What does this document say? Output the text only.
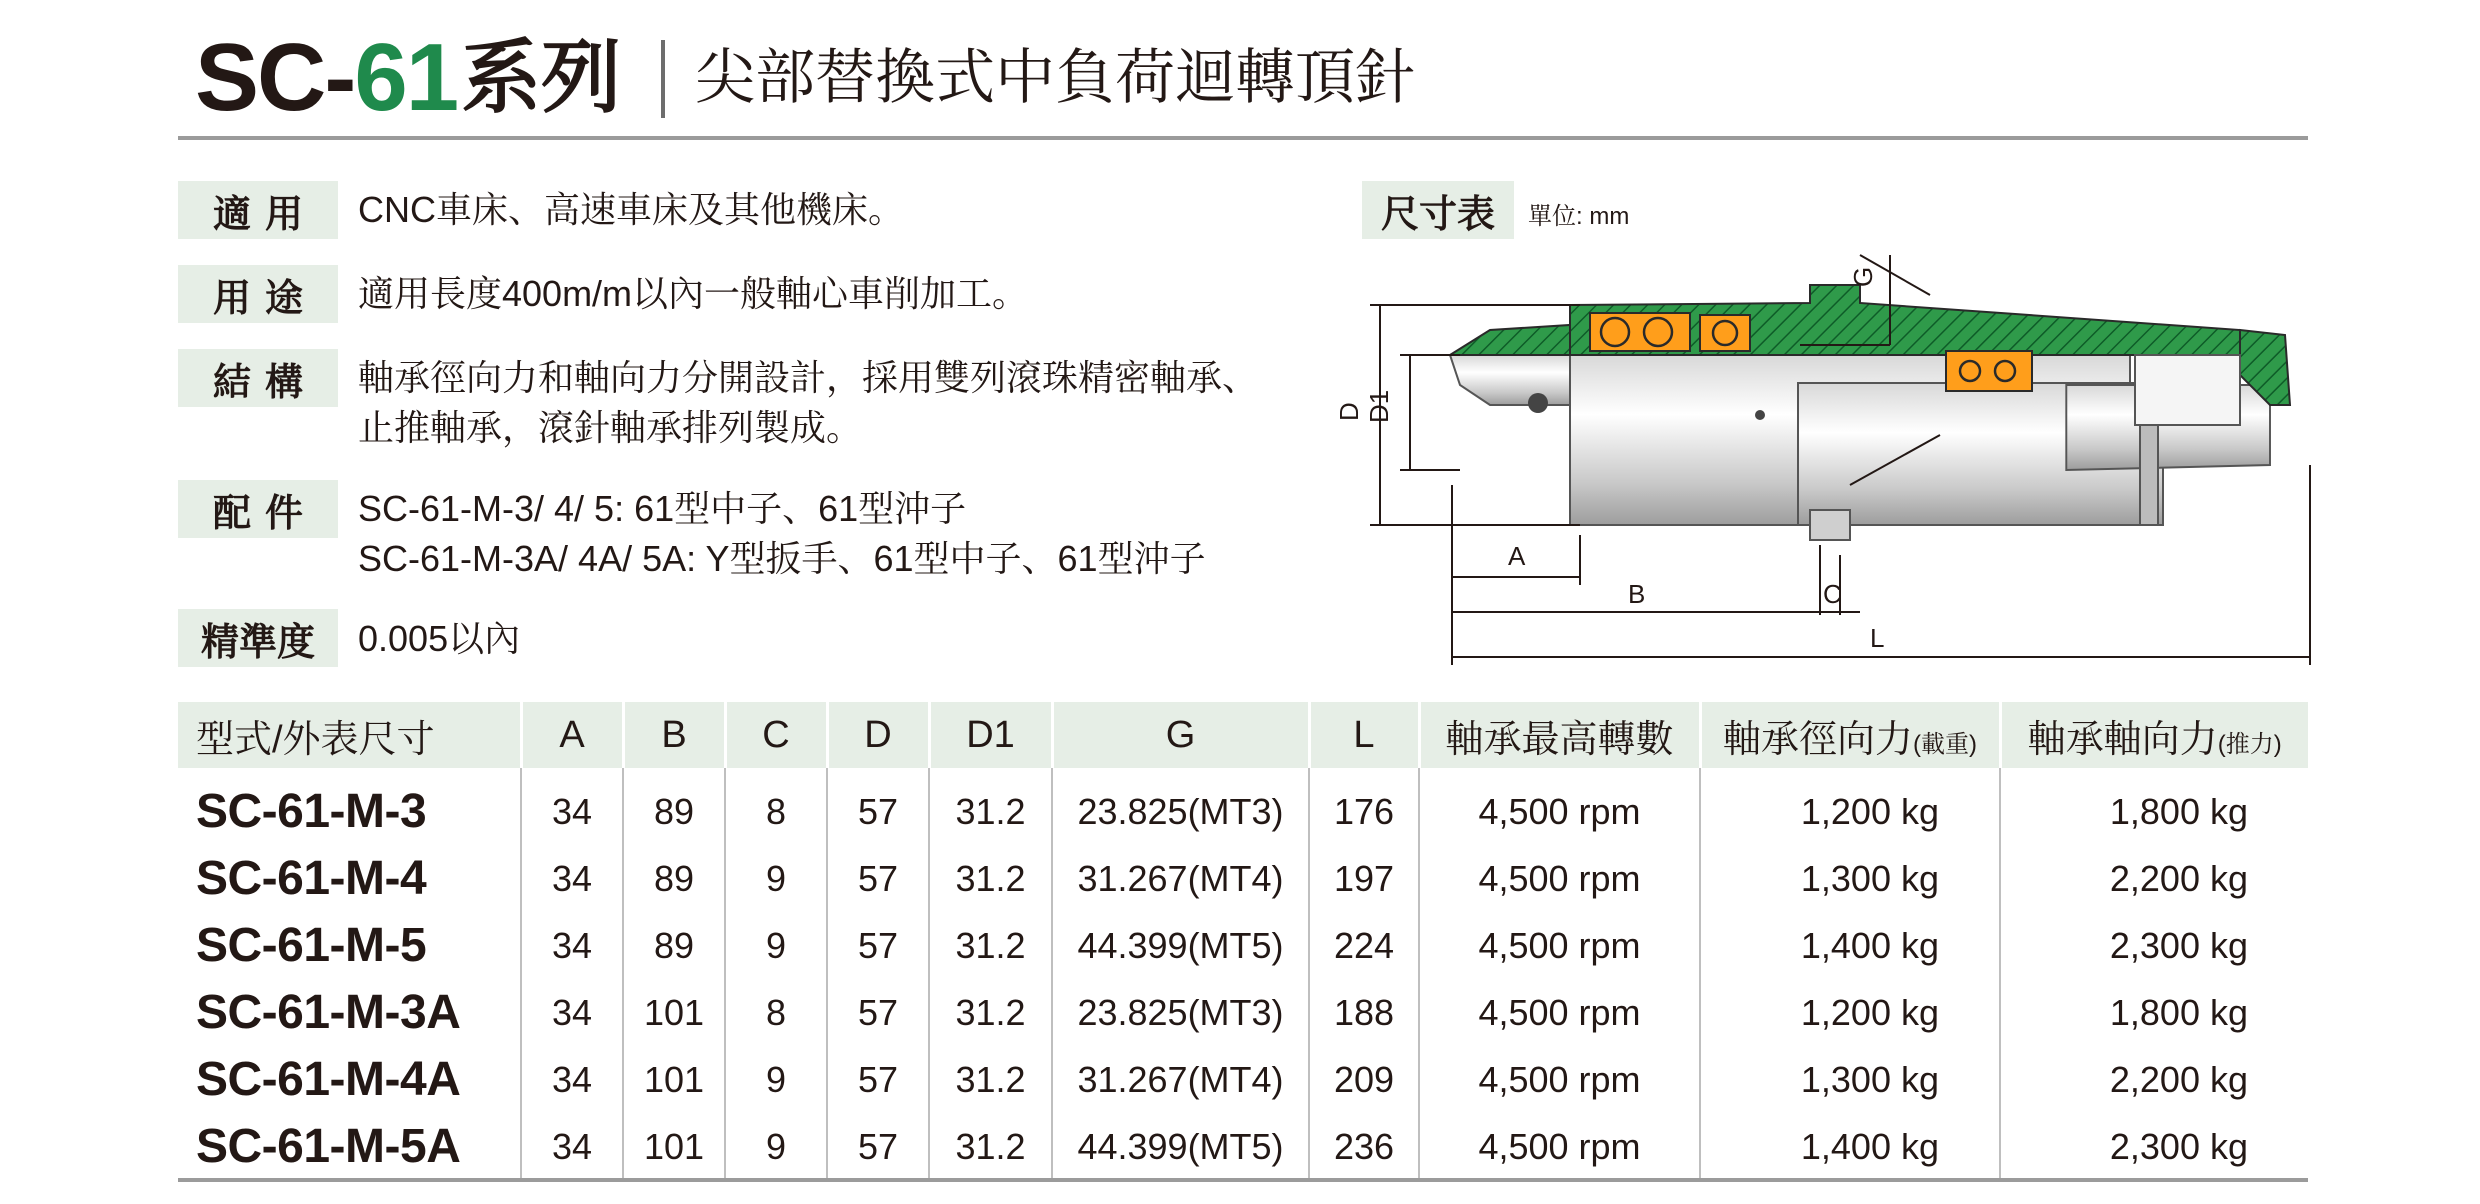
SC- 61 系列 尖部替換式中負荷迴轉頂針
適用	CNC車床、高速車床及其他機床。
用途	適用長度400m/m以內一般軸心車削加工。
結構	軸承徑向力和軸向力分開設計，採用雙列滾珠精密軸承、
止推軸承，滾針軸承排列製成。
配件	SC-61-M-3/ 4/ 5: 61型中子、61型沖子
SC-61-M-3A/ 4A/ 5A: Y型扳手、61型中子、61型沖子
精準度	0.005以內
尺寸表	單位: mm
D D1
A
B	C
G
L
型式/外表尺寸	A	B	C	D	D1	G	L	軸承最高轉數	軸承徑向力(載重)	軸承軸向力(推力)
SC-61-M-3	34	89	8	57	31.2	23.825(MT3)	176	4,500 rpm	1,200 kg	1,800 kg
SC-61-M-4	34	89	9	57	31.2	31.267(MT4)	197	4,500 rpm	1,300 kg	2,200 kg
SC-61-M-5	34	89	9	57	31.2	44.399(MT5)	224	4,500 rpm	1,400 kg	2,300 kg
SC-61-M-3A	34	101	8	57	31.2	23.825(MT3)	188	4,500 rpm	1,200 kg	1,800 kg
SC-61-M-4A	34	101	9	57	31.2	31.267(MT4)	209	4,500 rpm	1,300 kg	2,200 kg
SC-61-M-5A	34	101	9	57	31.2	44.399(MT5)	236	4,500 rpm	1,400 kg	2,300 kg
